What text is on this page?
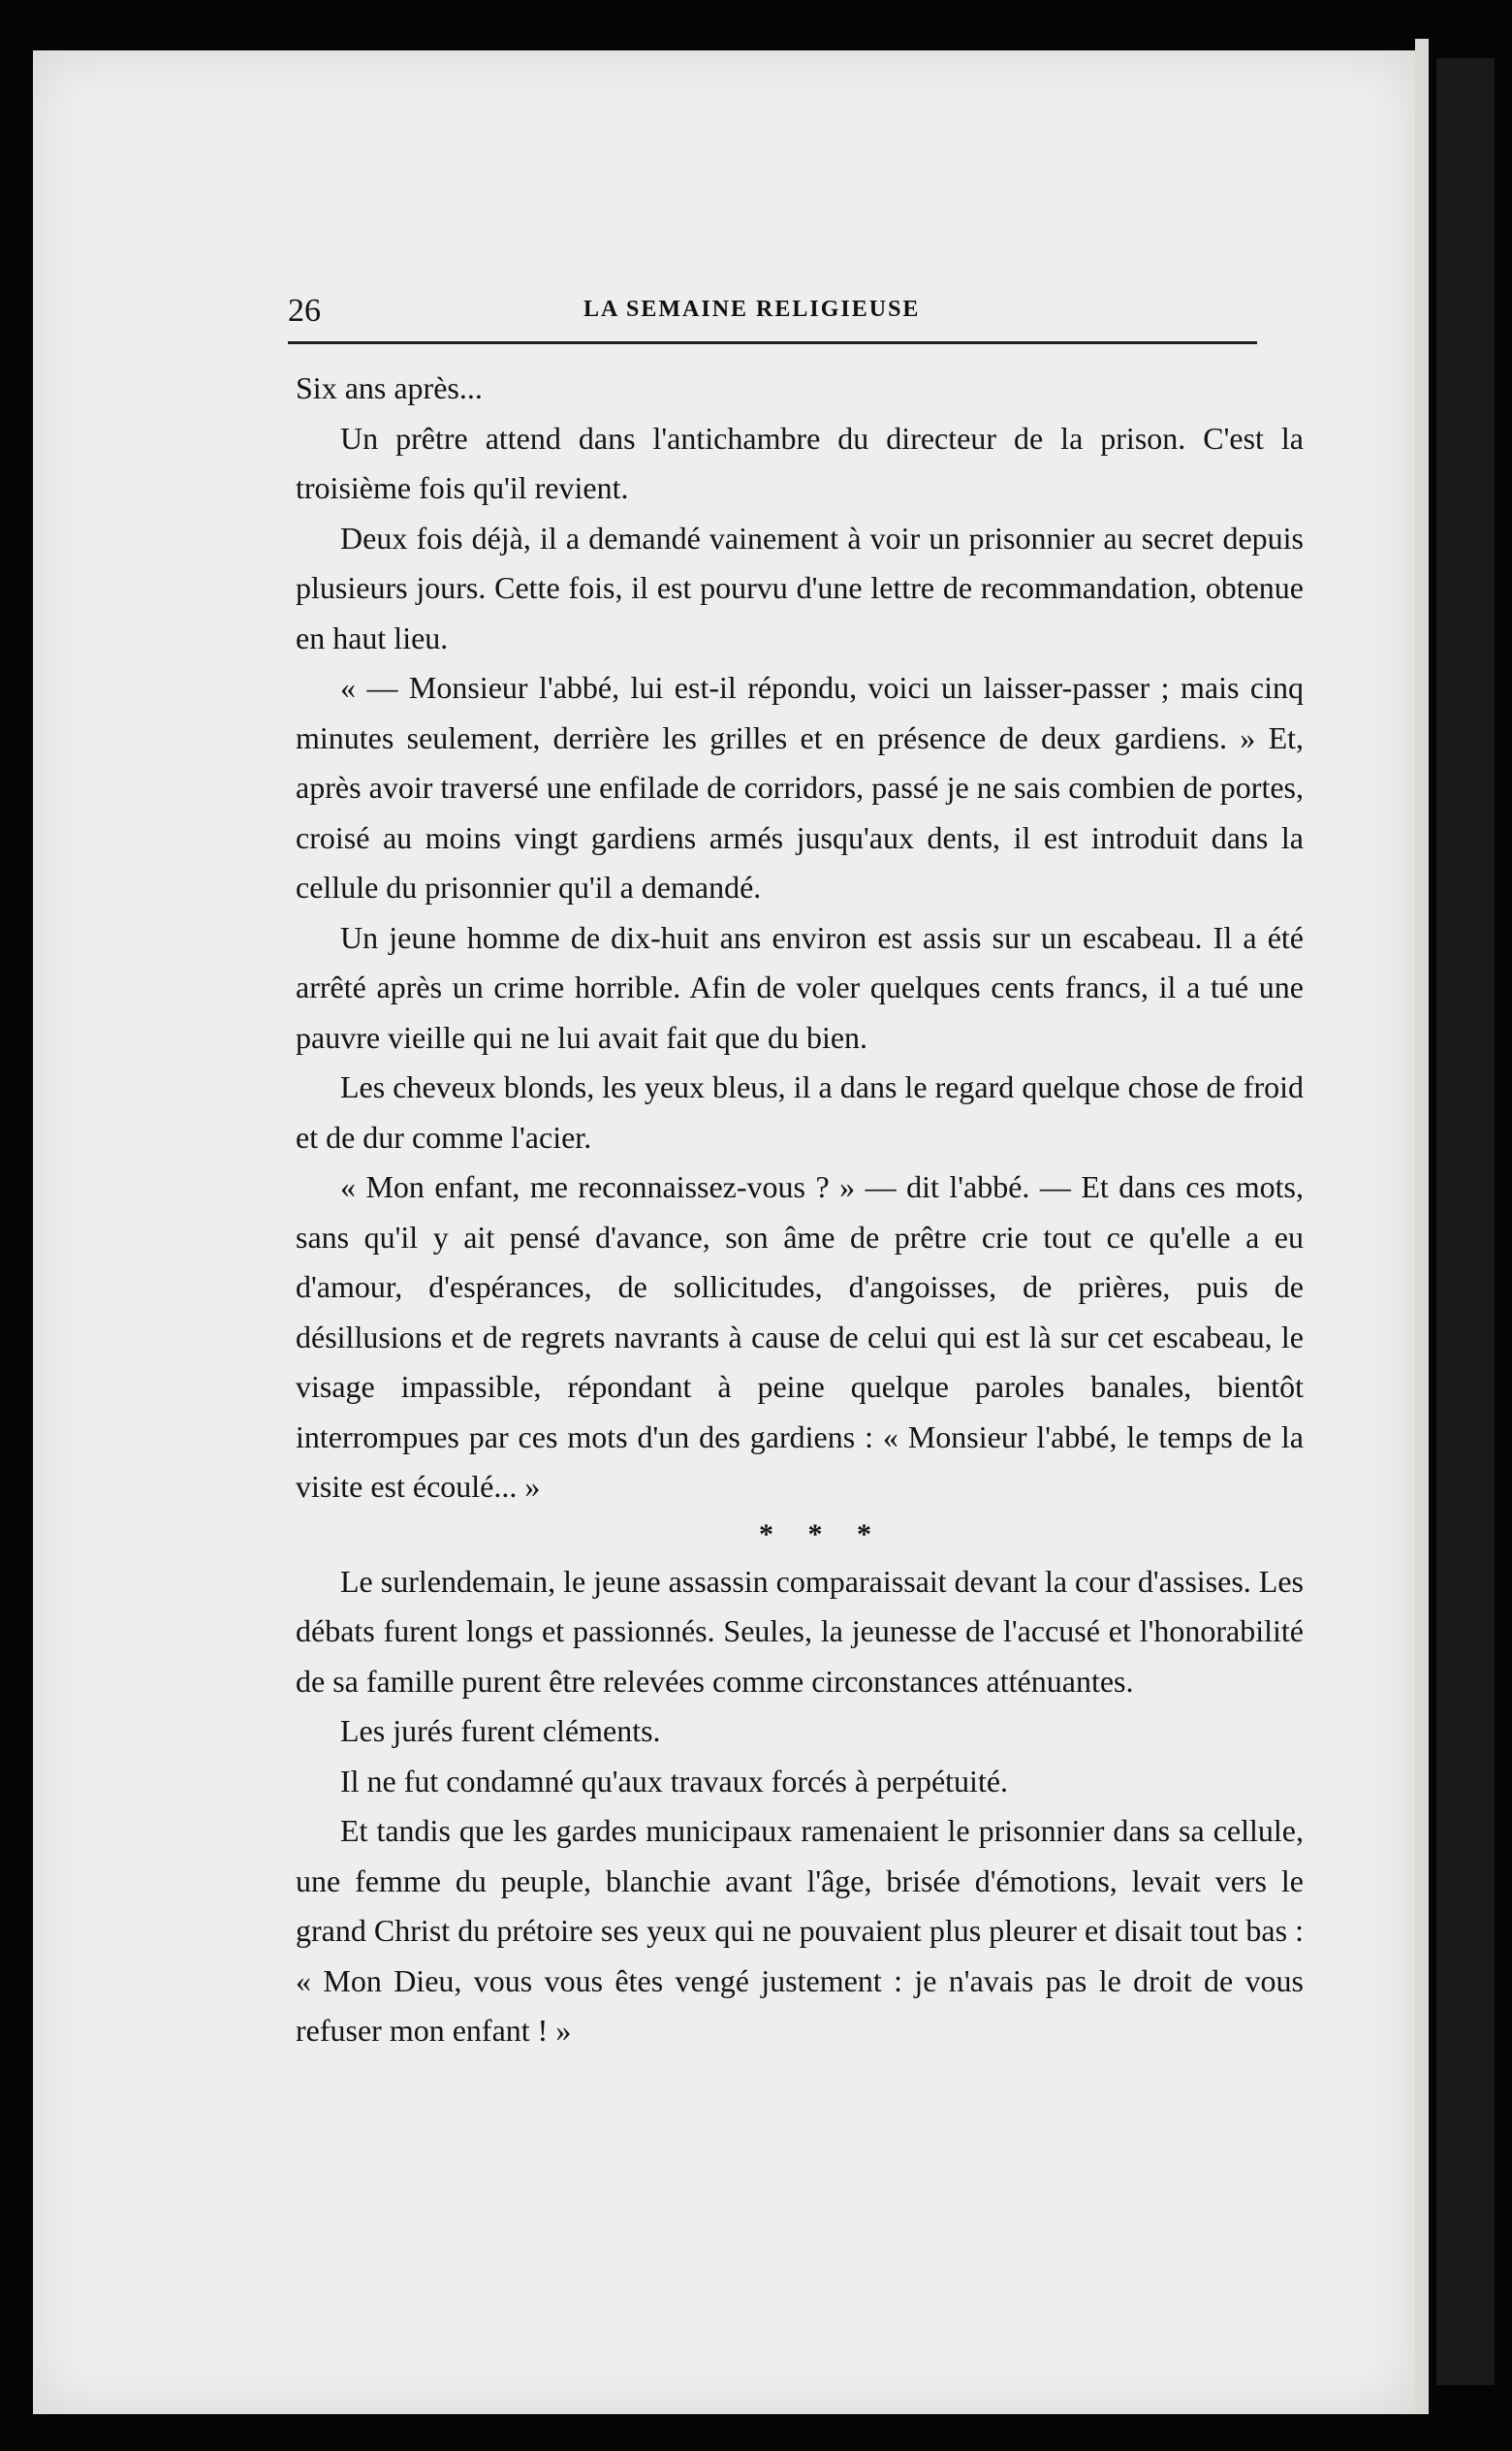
26	LA SEMAINE RELIGIEUSE

Six ans après...

Un prêtre attend dans l'antichambre du directeur de la prison. C'est la troisième fois qu'il revient.

Deux fois déjà, il a demandé vainement à voir un prisonnier au secret depuis plusieurs jours. Cette fois, il est pourvu d'une lettre de recommandation, obtenue en haut lieu.

« — Monsieur l'abbé, lui est-il répondu, voici un laisser-passer ; mais cinq minutes seulement, derrière les grilles et en présence de deux gardiens. » Et, après avoir traversé une enfilade de corridors, passé je ne sais combien de portes, croisé au moins vingt gardiens armés jusqu'aux dents, il est introduit dans la cellule du prisonnier qu'il a demandé.

Un jeune homme de dix-huit ans environ est assis sur un escabeau. Il a été arrêté après un crime horrible. Afin de voler quelques cents francs, il a tué une pauvre vieille qui ne lui avait fait que du bien.

Les cheveux blonds, les yeux bleus, il a dans le regard quelque chose de froid et de dur comme l'acier.

« Mon enfant, me reconnaissez-vous ? » — dit l'abbé. — Et dans ces mots, sans qu'il y ait pensé d'avance, son âme de prêtre crie tout ce qu'elle a eu d'amour, d'espérances, de sollicitudes, d'angoisses, de prières, puis de désillusions et de regrets navrants à cause de celui qui est là sur cet escabeau, le visage impassible, répondant à peine quelque paroles banales, bientôt interrompues par ces mots d'un des gardiens : « Monsieur l'abbé, le temps de la visite est écoulé... »

* * *

Le surlendemain, le jeune assassin comparaissait devant la cour d'assises. Les débats furent longs et passionnés. Seules, la jeunesse de l'accusé et l'honorabilité de sa famille purent être relevées comme circonstances atténuantes.

Les jurés furent cléments.

Il ne fut condamné qu'aux travaux forcés à perpétuité.

Et tandis que les gardes municipaux ramenaient le prisonnier dans sa cellule, une femme du peuple, blanchie avant l'âge, brisée d'émotions, levait vers le grand Christ du prétoire ses yeux qui ne pouvaient plus pleurer et disait tout bas : « Mon Dieu, vous vous êtes vengé justement : je n'avais pas le droit de vous refuser mon enfant ! »
